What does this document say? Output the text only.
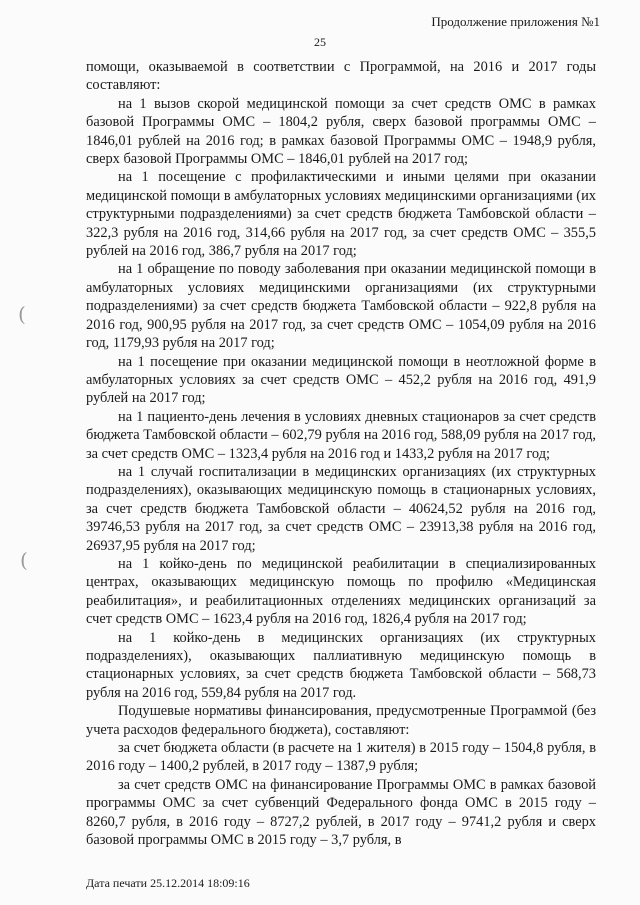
Продолжение приложения №1
25

помощи, оказываемой в соответствии с Программой, на 2016 и 2017 годы составляют:

на 1 вызов скорой медицинской помощи за счет средств ОМС в рамках базовой Программы ОМС – 1804,2 рубля, сверх базовой программы ОМС – 1846,01 рублей на 2016 год; в рамках базовой Программы ОМС – 1948,9 рубля, сверх базовой Программы ОМС – 1846,01 рублей на 2017 год;

на 1 посещение с профилактическими и иными целями при оказании медицинской помощи в амбулаторных условиях медицинскими организациями (их структурными подразделениями) за счет средств бюджета Тамбовской области – 322,3 рубля на 2016 год, 314,66 рубля на 2017 год, за счет средств ОМС – 355,5 рублей на 2016 год, 386,7 рубля на 2017 год;

на 1 обращение по поводу заболевания при оказании медицинской помощи в амбулаторных условиях медицинскими организациями (их структурными подразделениями) за счет средств бюджета Тамбовской области – 922,8 рубля на 2016 год, 900,95 рубля на 2017 год, за счет средств ОМС – 1054,09 рубля на 2016 год, 1179,93 рубля на 2017 год;

на 1 посещение при оказании медицинской помощи в неотложной форме в амбулаторных условиях за счет средств ОМС – 452,2 рубля на 2016 год, 491,9 рублей на 2017 год;

на 1 пациенто-день лечения в условиях дневных стационаров за счет средств бюджета Тамбовской области – 602,79 рубля на 2016 год, 588,09 рубля на 2017 год, за счет средств ОМС – 1323,4 рубля на 2016 год и 1433,2 рубля на 2017 год;

на 1 случай госпитализации в медицинских организациях (их структурных подразделениях), оказывающих медицинскую помощь в стационарных условиях, за счет средств бюджета Тамбовской области – 40624,52 рубля на 2016 год, 39746,53 рубля на 2017 год, за счет средств ОМС – 23913,38 рубля на 2016 год, 26937,95 рубля на 2017 год;

на 1 койко-день по медицинской реабилитации в специализированных центрах, оказывающих медицинскую помощь по профилю «Медицинская реабилитация», и реабилитационных отделениях медицинских организаций за счет средств ОМС – 1623,4 рубля на 2016 год, 1826,4 рубля на 2017 год;

на 1 койко-день в медицинских организациях (их структурных подразделениях), оказывающих паллиативную медицинскую помощь в стационарных условиях, за счет средств бюджета Тамбовской области – 568,73 рубля на 2016 год, 559,84 рубля на 2017 год.

Подушевые нормативы финансирования, предусмотренные Программой (без учета расходов федерального бюджета), составляют:

за счет бюджета области (в расчете на 1 жителя) в 2015 году – 1504,8 рубля, в 2016 году – 1400,2 рублей, в 2017 году – 1387,9 рубля;

за счет средств ОМС на финансирование Программы ОМС в рамках базовой программы ОМС за счет субвенций Федерального фонда ОМС в 2015 году – 8260,7 рубля, в 2016 году – 8727,2 рублей, в 2017 году – 9741,2 рубля и сверх базовой программы ОМС в 2015 году – 3,7 рубля, в

(
(
Дата печати 25.12.2014 18:09:16
